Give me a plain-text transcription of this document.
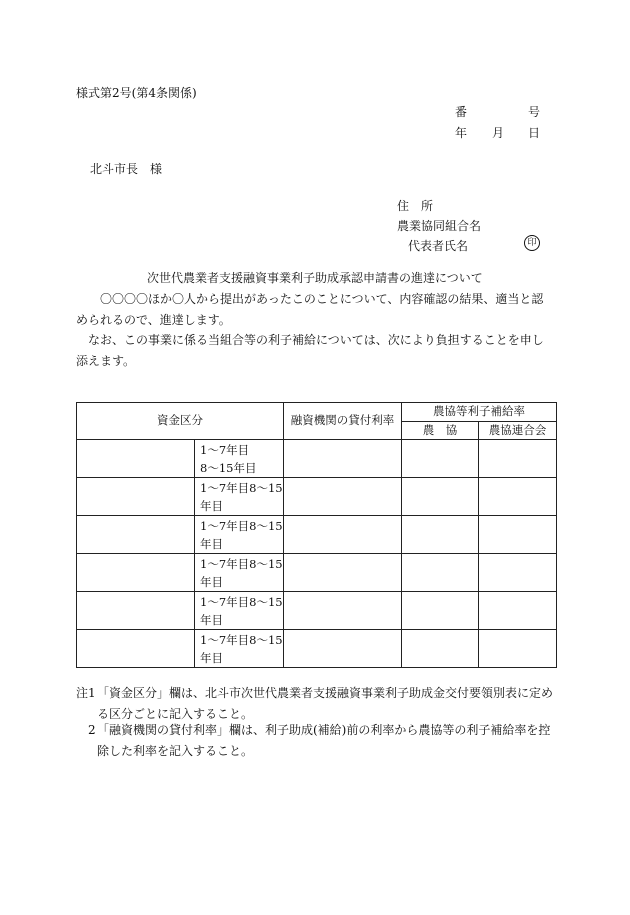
様式第2号(第4条関係)
番	号
年 月 日
北斗市長　様
住　所
農業協同組合名
代表者氏名	印
次世代農業者支援融資事業利子助成承認申請書の進達について
〇〇〇〇ほか〇人から提出があったこのことについて、内容確認の結果、適当と認められるので、進達します。
なお、この事業に係る当組合等の利子補給については、次により負担することを申し添えます。
資金区分		融資機関の貸付利率	農協等利子補給率	
			農　協	農協連合会

	1〜7年目
8〜15年目			

	1〜7年目8〜15
年目			

	1〜7年目8〜15
年目			

	1〜7年目8〜15
年目			

	1〜7年目8〜15
年目			

	1〜7年目8〜15
年目			

注1 「資金区分」欄は、北斗市次世代農業者支援融資事業利子助成金交付要領別表に定める区分ごとに記入すること。
2 「融資機関の貸付利率」欄は、利子助成(補給)前の利率から農協等の利子補給率を控除した利率を記入すること。
